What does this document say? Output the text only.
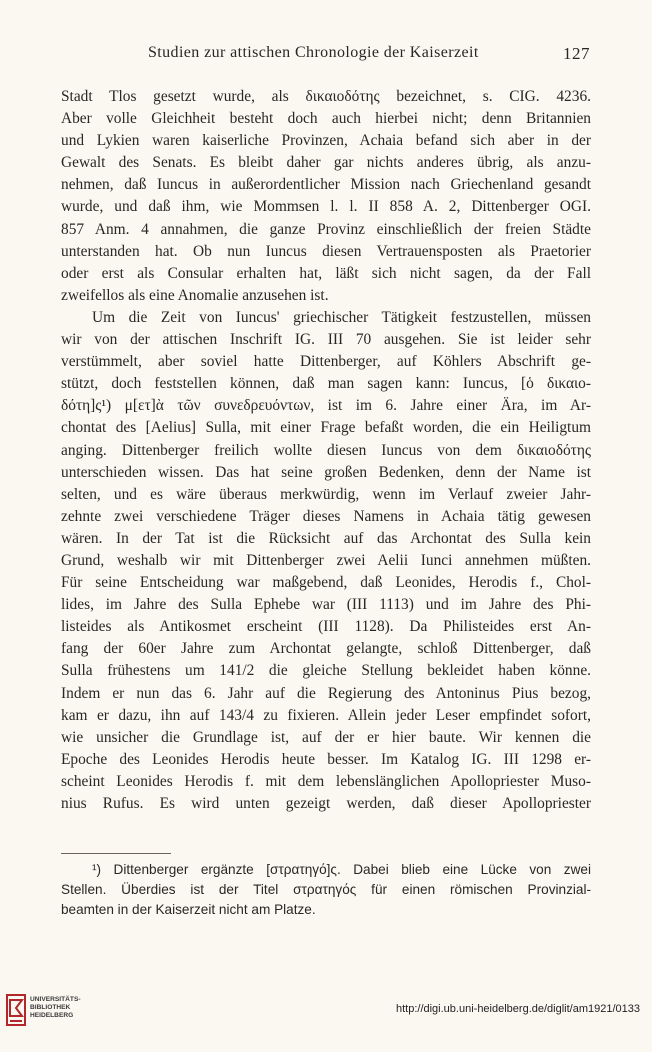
Studien zur attischen Chronologie der Kaiserzeit	127
Stadt Tlos gesetzt wurde, als δικαιοδότης bezeichnet, s. CIG. 4236.
Aber volle Gleichheit besteht doch auch hierbei nicht; denn Britannien
und Lykien waren kaiserliche Provinzen, Achaia befand sich aber in der
Gewalt des Senats. Es bleibt daher gar nichts anderes übrig, als anzu-
nehmen, daß Iuncus in außerordentlicher Mission nach Griechenland gesandt
wurde, und daß ihm, wie Mommsen l. l. II 858 A. 2, Dittenberger OGI.
857 Anm. 4 annahmen, die ganze Provinz einschließlich der freien Städte
unterstanden hat. Ob nun Iuncus diesen Vertrauensposten als Praetorier
oder erst als Consular erhalten hat, läßt sich nicht sagen, da der Fall
zweifellos als eine Anomalie anzusehen ist.
Um die Zeit von Iuncus' griechischer Tätigkeit festzustellen, müssen
wir von der attischen Inschrift IG. III 70 ausgehen. Sie ist leider sehr
verstümmelt, aber soviel hatte Dittenberger, auf Köhlers Abschrift ge-
stützt, doch feststellen können, daß man sagen kann: Iuncus, [ὁ δικαιο-
δότη]ς¹) μ[ετ]ὰ τῶν συνεδρευόντων, ist im 6. Jahre einer Ära, im Ar-
chontat des [Aelius] Sulla, mit einer Frage befaßt worden, die ein Heiligtum
anging. Dittenberger freilich wollte diesen Iuncus von dem δικαιοδότης
unterschieden wissen. Das hat seine großen Bedenken, denn der Name ist
selten, und es wäre überaus merkwürdig, wenn im Verlauf zweier Jahr-
zehnte zwei verschiedene Träger dieses Namens in Achaia tätig gewesen
wären. In der Tat ist die Rücksicht auf das Archontat des Sulla kein
Grund, weshalb wir mit Dittenberger zwei Aelii Iunci annehmen müßten.
Für seine Entscheidung war maßgebend, daß Leonides, Herodis f., Chol-
lides, im Jahre des Sulla Ephebe war (III 1113) und im Jahre des Phi-
listeides als Antikosmet erscheint (III 1128). Da Philisteides erst An-
fang der 60er Jahre zum Archontat gelangte, schloß Dittenberger, daß
Sulla frühestens um 141/2 die gleiche Stellung bekleidet haben könne.
Indem er nun das 6. Jahr auf die Regierung des Antoninus Pius bezog,
kam er dazu, ihn auf 143/4 zu fixieren. Allein jeder Leser empfindet sofort,
wie unsicher die Grundlage ist, auf der er hier baute. Wir kennen die
Epoche des Leonides Herodis heute besser. Im Katalog IG. III 1298 er-
scheint Leonides Herodis f. mit dem lebenslänglichen Apollopriester Muso-
nius Rufus. Es wird unten gezeigt werden, daß dieser Apollopriester
¹) Dittenberger ergänzte [στρατηγό]ς. Dabei blieb eine Lücke von zwei
Stellen. Überdies ist der Titel στρατηγός für einen römischen Provinzial-
beamten in der Kaiserzeit nicht am Platze.
UNIVERSITÄTS-
BIBLIOTHEK
HEIDELBERG
http://digi.ub.uni-heidelberg.de/diglit/am1921/0133
